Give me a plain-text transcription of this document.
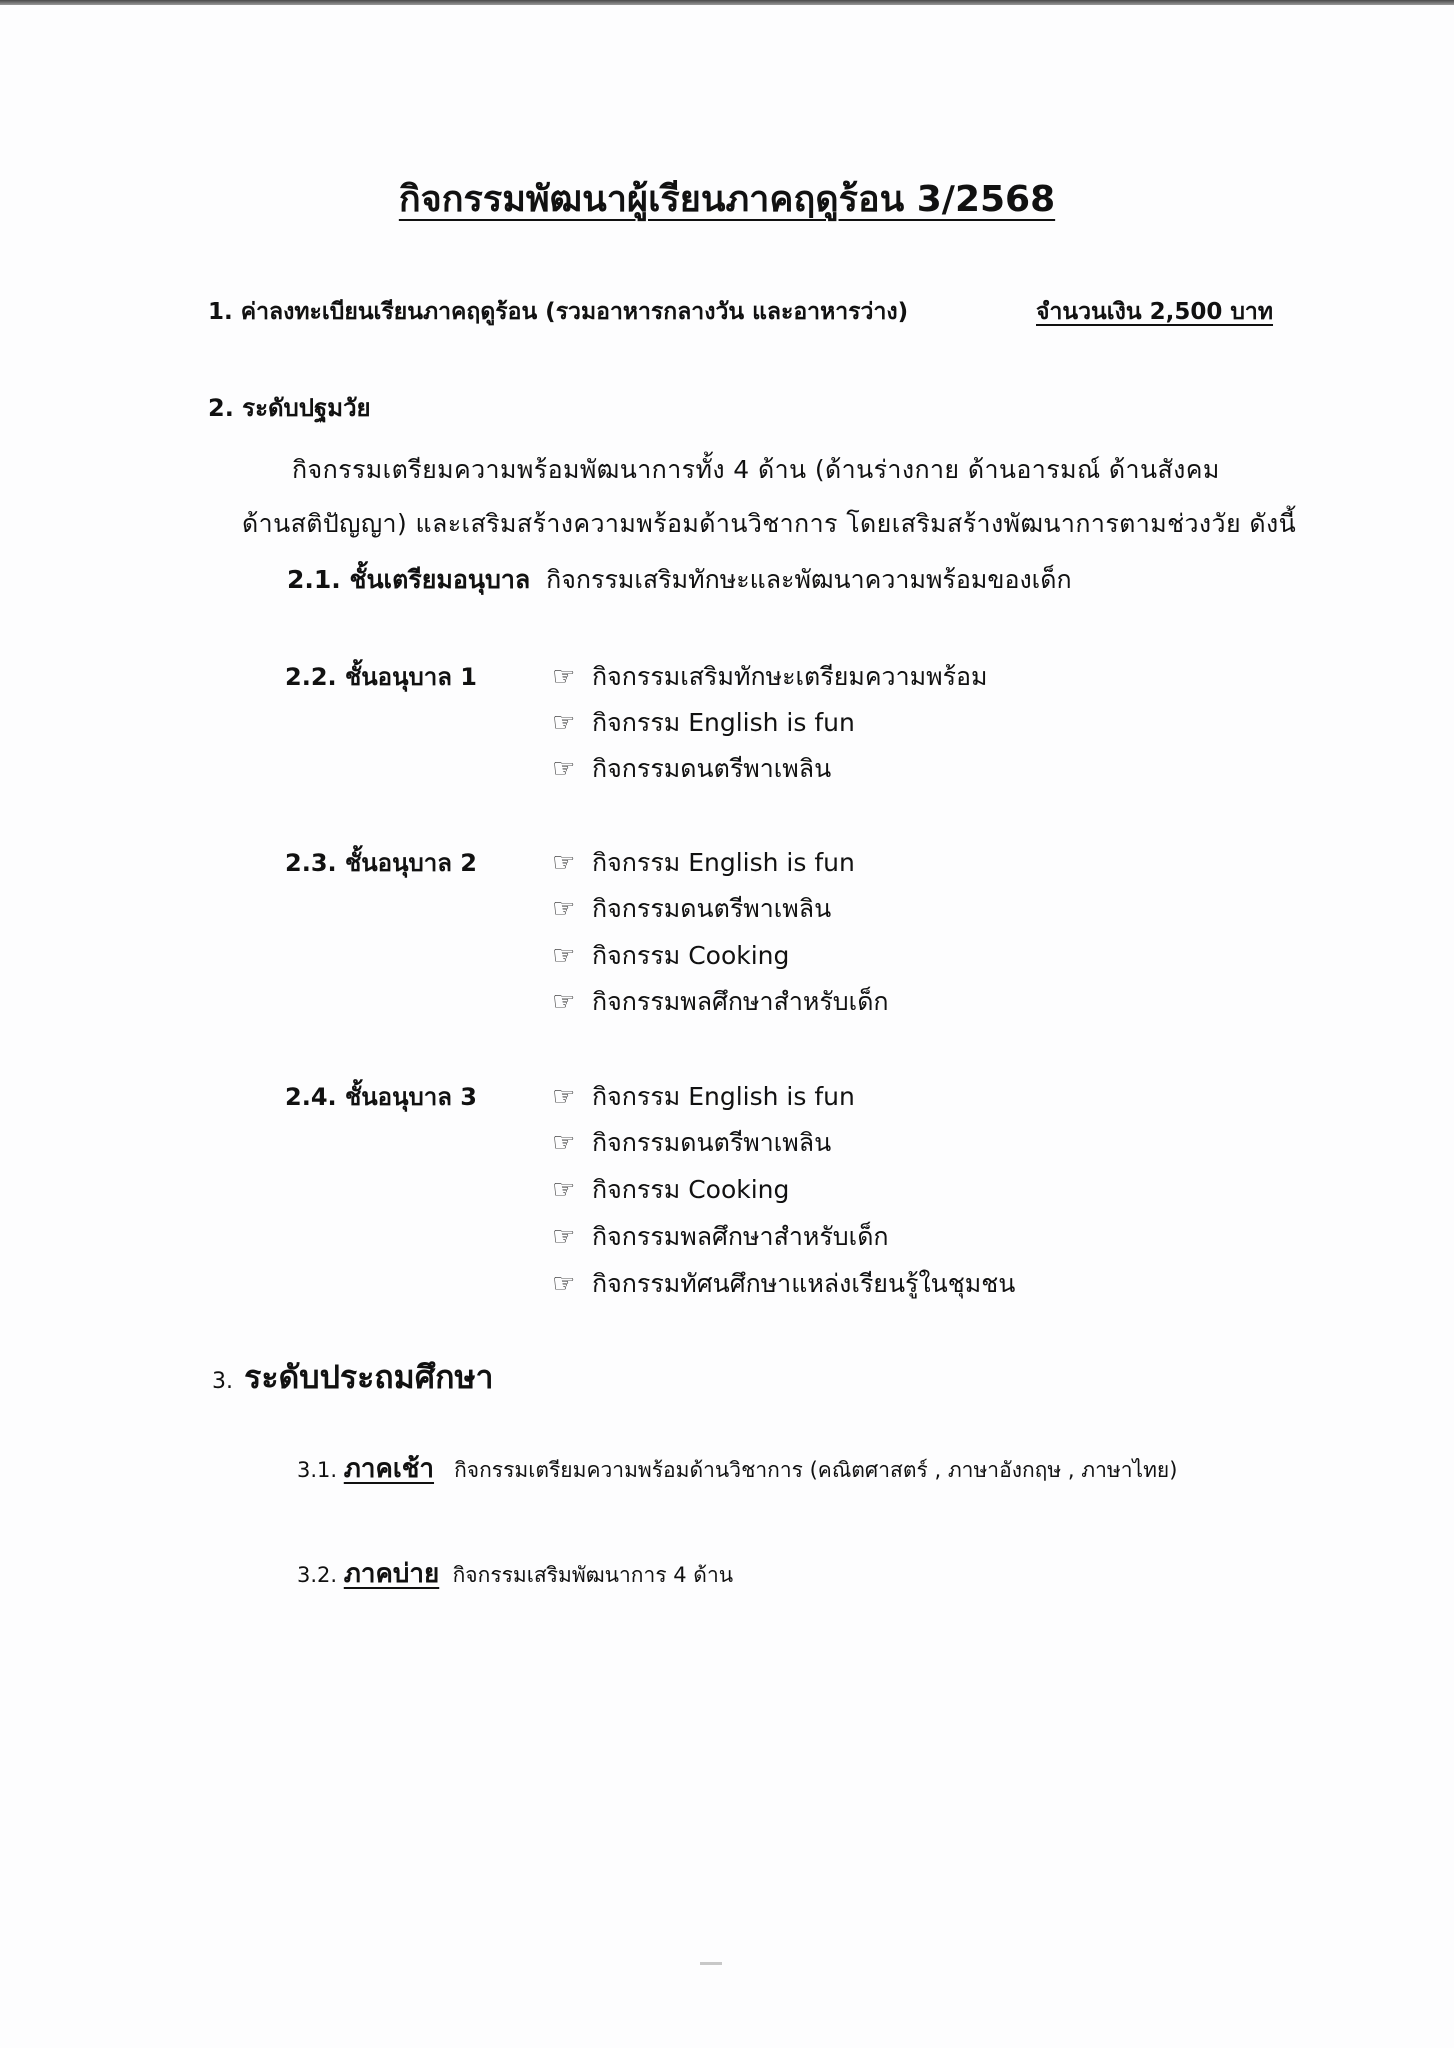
กิจกรรมพัฒนาผู้เรียนภาคฤดูร้อน 3/2568
1. ค่าลงทะเบียนเรียนภาคฤดูร้อน (รวมอาหารกลางวัน และอาหารว่าง)	จำนวนเงิน 2,500 บาท
2. ระดับปฐมวัย
กิจกรรมเตรียมความพร้อมพัฒนาการทั้ง 4 ด้าน (ด้านร่างกาย ด้านอารมณ์ ด้านสังคม
ด้านสติปัญญา) และเสริมสร้างความพร้อมด้านวิชาการ โดยเสริมสร้างพัฒนาการตามช่วงวัย ดังนี้
2.1. ชั้นเตรียมอนุบาล กิจกรรมเสริมทักษะและพัฒนาความพร้อมของเด็ก
2.2. ชั้นอนุบาล 1	☞ กิจกรรมเสริมทักษะเตรียมความพร้อม
☞ กิจกรรม English is fun
☞ กิจกรรมดนตรีพาเพลิน
2.3. ชั้นอนุบาล 2	☞ กิจกรรม English is fun
☞ กิจกรรมดนตรีพาเพลิน
☞ กิจกรรม Cooking
☞ กิจกรรมพลศึกษาสำหรับเด็ก
2.4. ชั้นอนุบาล 3	☞ กิจกรรม English is fun
☞ กิจกรรมดนตรีพาเพลิน
☞ กิจกรรม Cooking
☞ กิจกรรมพลศึกษาสำหรับเด็ก
☞ กิจกรรมทัศนศึกษาแหล่งเรียนรู้ในชุมชน
3. ระดับประถมศึกษา
3.1. ภาคเช้า กิจกรรมเตรียมความพร้อมด้านวิชาการ (คณิตศาสตร์ , ภาษาอังกฤษ , ภาษาไทย)
3.2. ภาคบ่าย กิจกรรมเสริมพัฒนาการ 4 ด้าน
